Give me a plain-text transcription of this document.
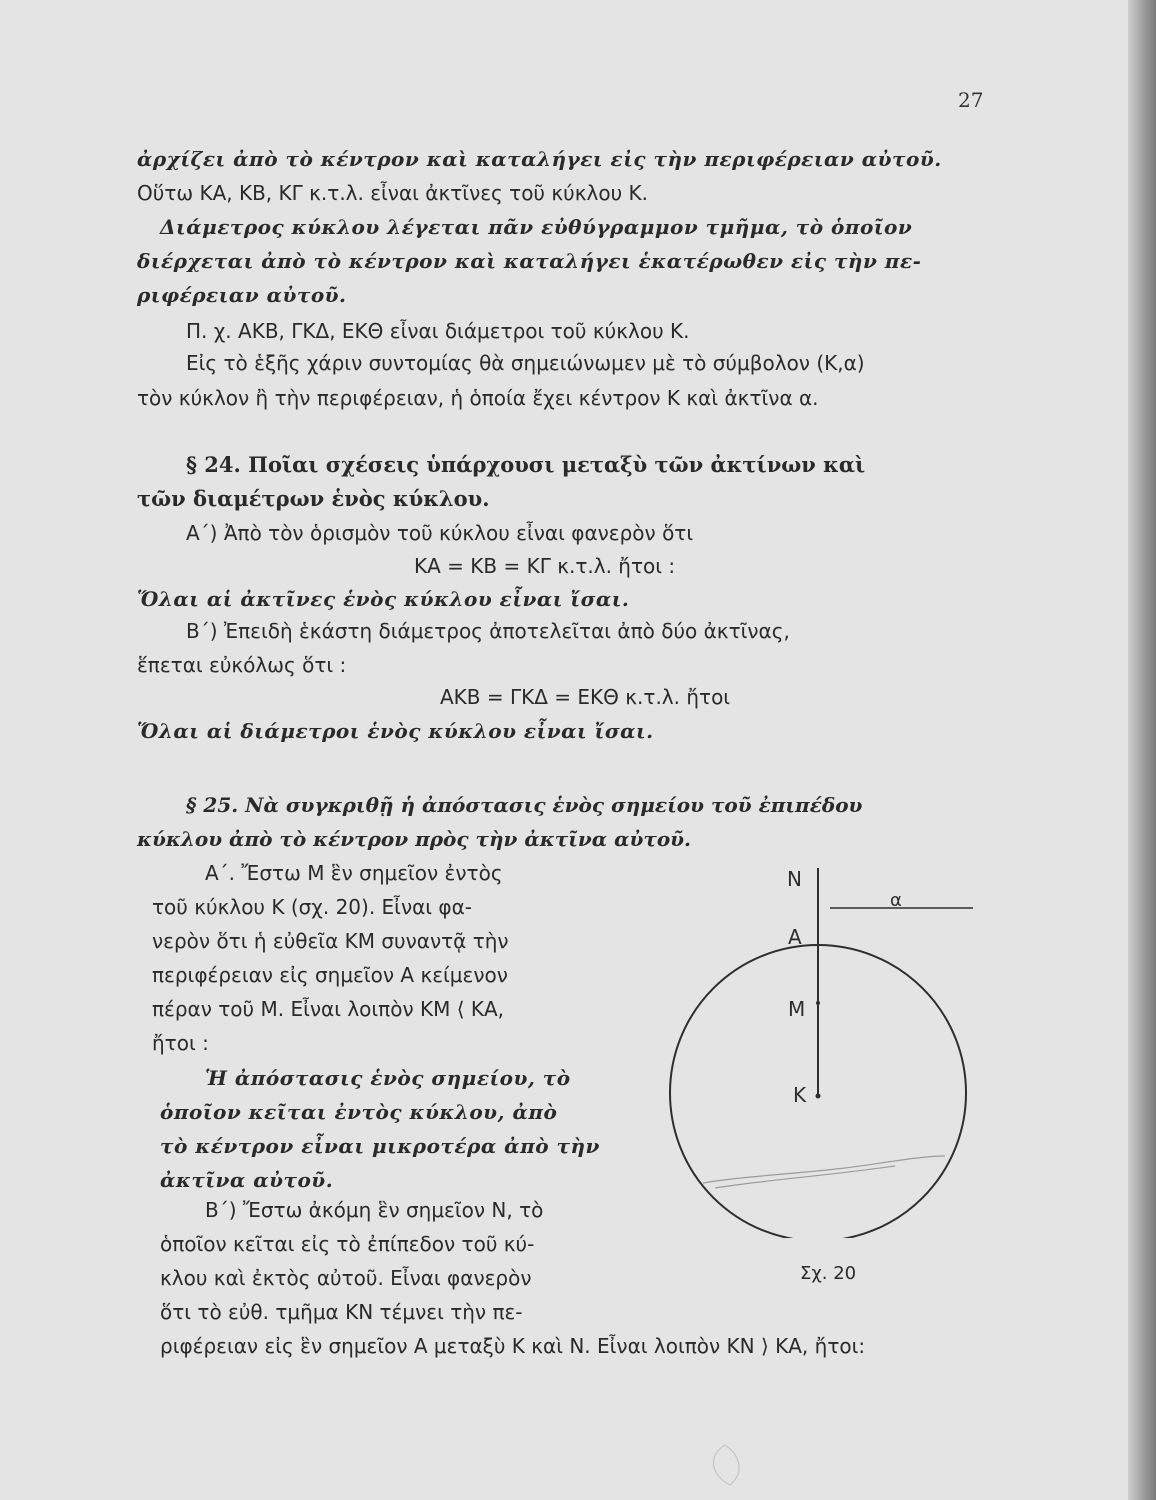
27
ἀρχίζει ἀπὸ τὸ κέντρον καὶ καταλήγει εἰς τὴν περιφέρειαν αὐτοῦ.
Οὕτω ΚΑ, ΚΒ, ΚΓ κ.τ.λ. εἶναι ἀκτῖνες τοῦ κύκλου Κ.
Διάμετρος κύκλου λέγεται πᾶν εὐθύγραμμον τμῆμα, τὸ ὁποῖον
διέρχεται ἀπὸ τὸ κέντρον καὶ καταλήγει ἑκατέρωθεν εἰς τὴν πε-
ριφέρειαν αὐτοῦ.
Π. χ. ΑΚΒ, ΓΚΔ, ΕΚΘ εἶναι διάμετροι τοῦ κύκλου Κ.
Εἰς τὸ ἑξῆς χάριν συντομίας θὰ σημειώνωμεν μὲ τὸ σύμβολον (Κ,α)
τὸν κύκλον ἢ τὴν περιφέρειαν, ἡ ὁποία ἔχει κέντρον Κ καὶ ἀκτῖνα α.
§ 24. Ποῖαι σχέσεις ὑπάρχουσι μεταξὺ τῶν ἀκτίνων καὶ
τῶν διαμέτρων ἑνὸς κύκλου.
Α΄) Ἀπὸ τὸν ὁρισμὸν τοῦ κύκλου εἶναι φανερὸν ὅτι
ΚΑ = ΚΒ = ΚΓ κ.τ.λ. ἤτοι :
Ὅλαι αἱ ἀκτῖνες ἑνὸς κύκλου εἶναι ἴσαι.
Β΄) Ἐπειδὴ ἑκάστη διάμετρος ἀποτελεῖται ἀπὸ δύο ἀκτῖνας,
ἕπεται εὐκόλως ὅτι :
ΑΚΒ = ΓΚΔ = ΕΚΘ κ.τ.λ. ἤτοι
Ὅλαι αἱ διάμετροι ἑνὸς κύκλου εἶναι ἴσαι.
§ 25. Νὰ συγκριθῇ ἡ ἀπόστασις ἑνὸς σημείου τοῦ ἐπιπέδου
κύκλου ἀπὸ τὸ κέντρον πρὸς τὴν ἀκτῖνα αὐτοῦ.
Α΄. Ἔστω Μ ἓν σημεῖον ἐντὸς
τοῦ κύκλου Κ (σχ. 20). Εἶναι φα-
νερὸν ὅτι ἡ εὐθεῖα ΚΜ συναντᾷ τὴν
περιφέρειαν εἰς σημεῖον Α κείμενον
πέραν τοῦ Μ. Εἶναι λοιπὸν ΚΜ ⟨ ΚΑ,
ἤτοι :
Ἡ ἀπόστασις ἑνὸς σημείου, τὸ
ὁποῖον κεῖται ἐντὸς κύκλου, ἀπὸ
τὸ κέντρον εἶναι μικροτέρα ἀπὸ τὴν
ἀκτῖνα αὐτοῦ.
Β΄) Ἔστω ἀκόμη ἓν σημεῖον Ν, τὸ
ὁποῖον κεῖται εἰς τὸ ἐπίπεδον τοῦ κύ-
κλου καὶ ἐκτὸς αὐτοῦ. Εἶναι φανερὸν
ὅτι τὸ εὐθ. τμῆμα ΚΝ τέμνει τὴν πε-
ριφέρειαν εἰς ἓν σημεῖον Α μεταξὺ Κ καὶ Ν. Εἶναι λοιπὸν ΚΝ ⟩ ΚΑ, ἤτοι:
Ν
α
Α
Μ
Κ
Σχ. 20
